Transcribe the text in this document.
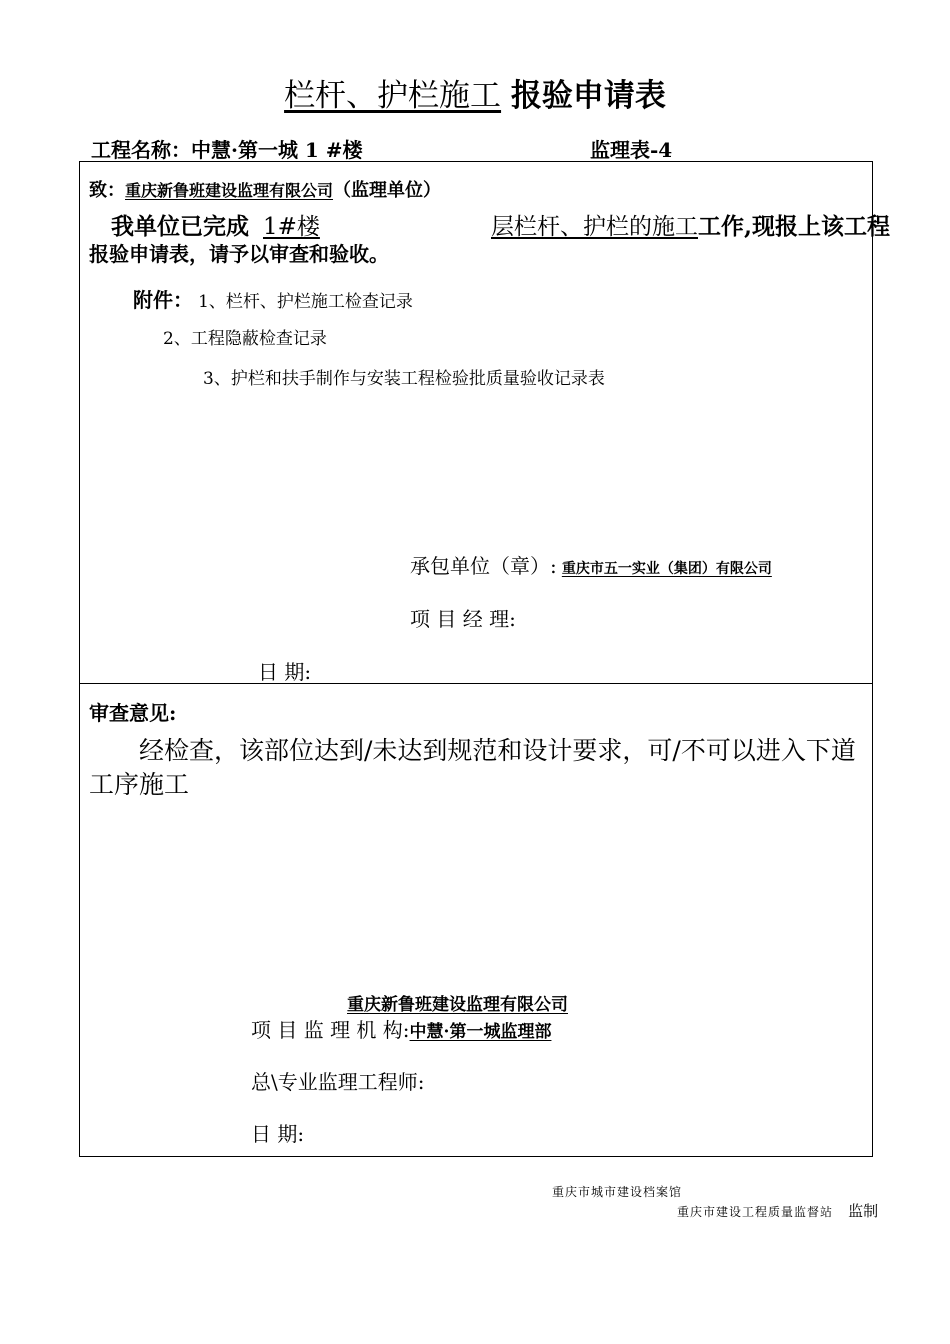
栏杆、护栏施工 报验申请表
工程名称：中慧·第一城 1 #楼	监理表-4
致：重庆新鲁班建设监理有限公司（监理单位）
我单位已完成 1#楼	层栏杆、护栏的施工工作,现报上该工程
报验申请表，请予以审查和验收。
附件： 1、栏杆、护栏施工检查记录
2、工程隐蔽检查记录
3、护栏和扶手制作与安装工程检验批质量验收记录表
承包单位（章）: 重庆市五一实业（集团）有限公司
项 目 经 理:
日 期:
审查意见:
经检查，该部位达到/未达到规范和设计要求，可/不可以进入下道
工序施工
重庆新鲁班建设监理有限公司
项 目 监 理 机 构:中慧·第一城监理部
总\专业监理工程师:
日 期:
重庆市城市建设档案馆
重庆市建设工程质量监督站 监制
